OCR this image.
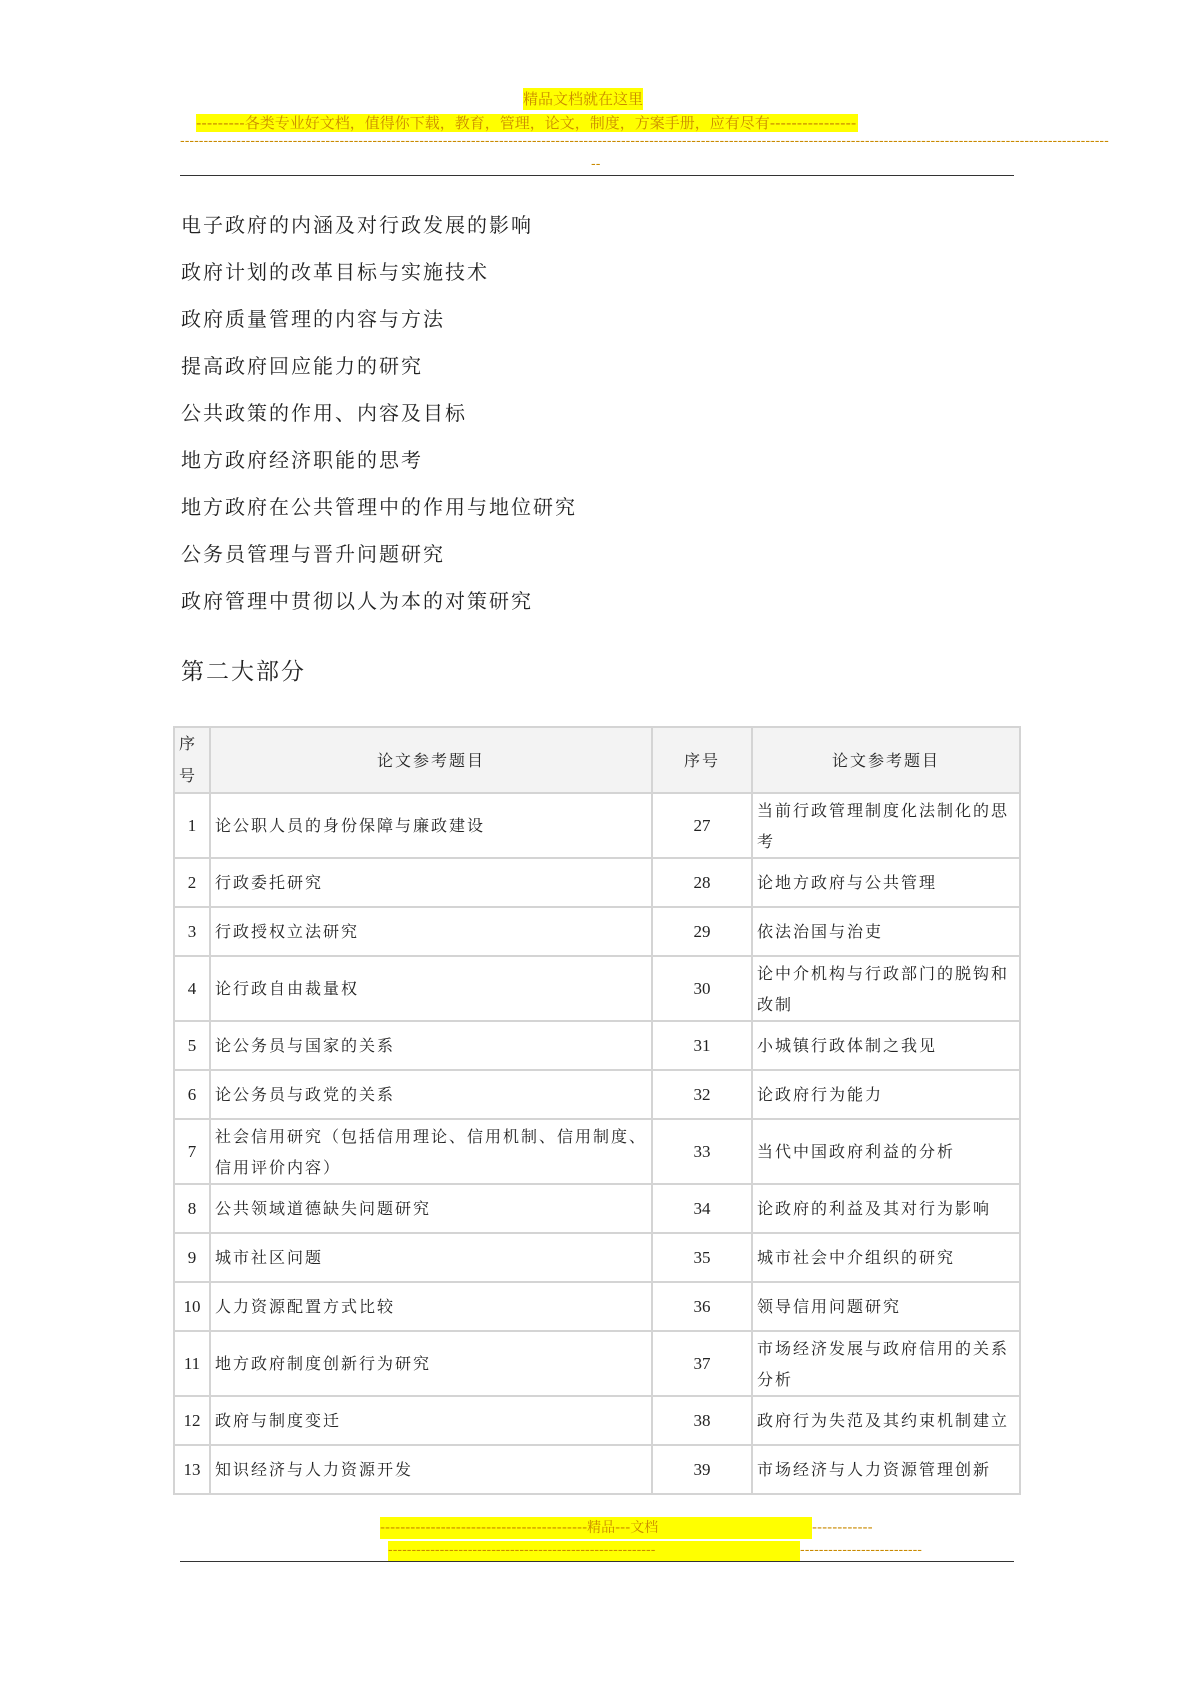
精品文档就在这里
---------各类专业好文档，值得你下载，教育，管理，论文，制度，方案手册，应有尽有----------------
------------------------------------------------------------------------------------------------------------------------------------------------------------------------------------------------------
--
电子政府的内涵及对行政发展的影响
政府计划的改革目标与实施技术
政府质量管理的内容与方法
提高政府回应能力的研究
公共政策的作用、内容及目标
地方政府经济职能的思考
地方政府在公共管理中的作用与地位研究
公务员管理与晋升问题研究
政府管理中贯彻以人为本的对策研究
第二大部分
序号	论文参考题目	序号	论文参考题目
1	论公职人员的身份保障与廉政建设	27	当前行政管理制度化法制化的思考
2	行政委托研究	28	论地方政府与公共管理
3	行政授权立法研究	29	依法治国与治吏
4	论行政自由裁量权	30	论中介机构与行政部门的脱钩和改制
5	论公务员与国家的关系	31	小城镇行政体制之我见
6	论公务员与政党的关系	32	论政府行为能力
7	社会信用研究（包括信用理论、信用机制、信用制度、信用评价内容）	33	当代中国政府利益的分析
8	公共领域道德缺失问题研究	34	论政府的利益及其对行为影响
9	城市社区问题	35	城市社会中介组织的研究
10	人力资源配置方式比较	36	领导信用问题研究
11	地方政府制度创新行为研究	37	市场经济发展与政府信用的关系分析
12	政府与制度变迁	38	政府行为失范及其约束机制建立
13	知识经济与人力资源开发	39	市场经济与人力资源管理创新
-----------------------------------------精品---文档	------------
---------------------------------------------------------	--------------------------
